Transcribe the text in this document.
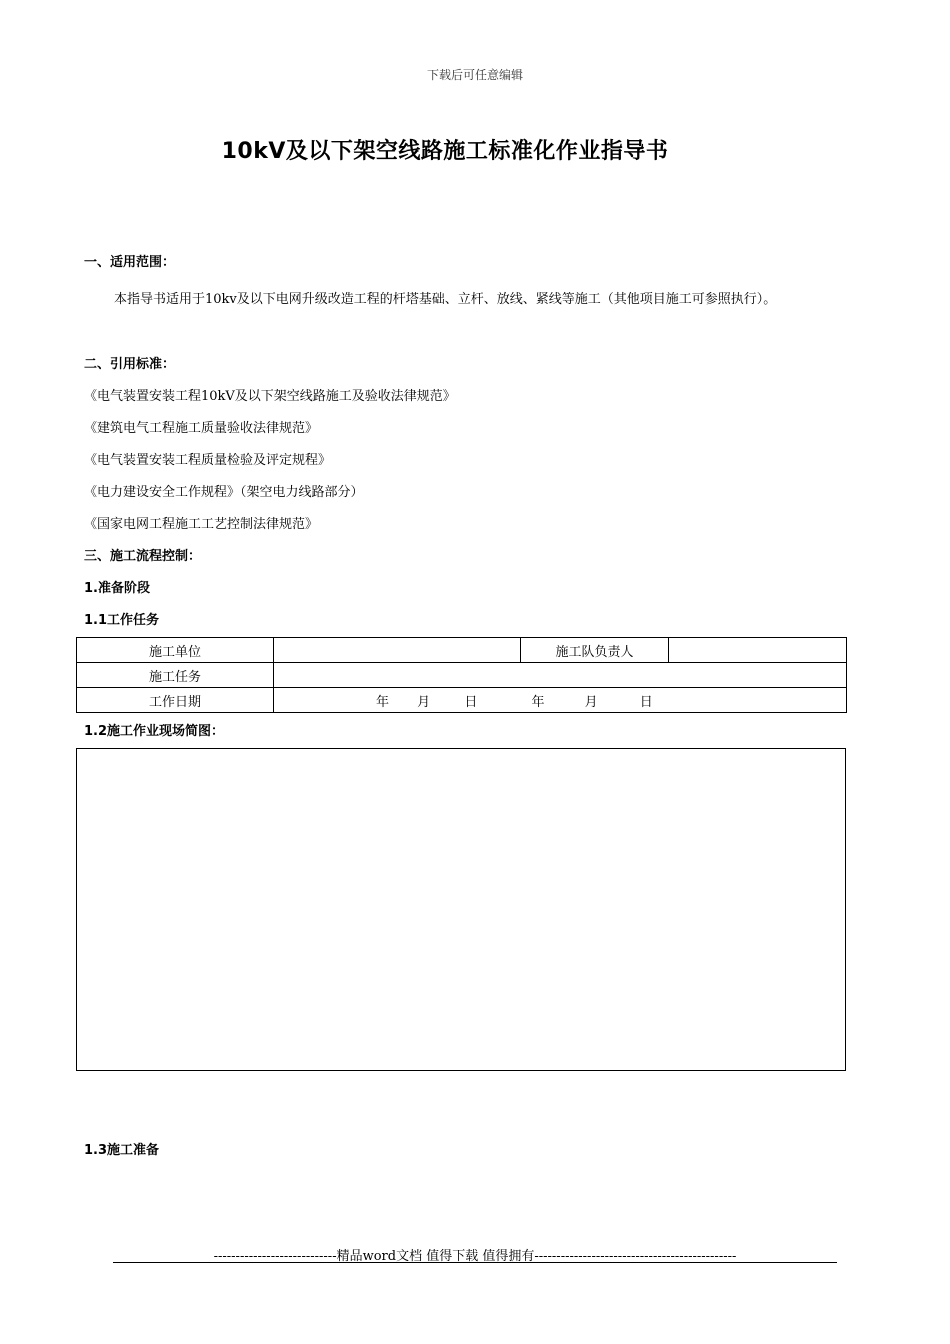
下载后可任意编辑
10kV及以下架空线路施工标准化作业指导书
一、适用范围：
本指导书适用于10kv及以下电网升级改造工程的杆塔基础、立杆、放线、紧线等施工（其他项目施工可参照执行）。
二、引用标准：
《电气装置安装工程10kV及以下架空线路施工及验收法律规范》
《建筑电气工程施工质量验收法律规范》
《电气装置安装工程质量检验及评定规程》
《电力建设安全工作规程》（架空电力线路部分）
《国家电网工程施工工艺控制法律规范》
三、施工流程控制：
1.准备阶段
1.1工作任务
施工单位		施工队负责人	
施工任务			
工作日期	年 月 日 年 月 日		
1.2施工作业现场简图：
1.3施工准备
----------------------------精品word文档 值得下载 值得拥有----------------------------------------------
